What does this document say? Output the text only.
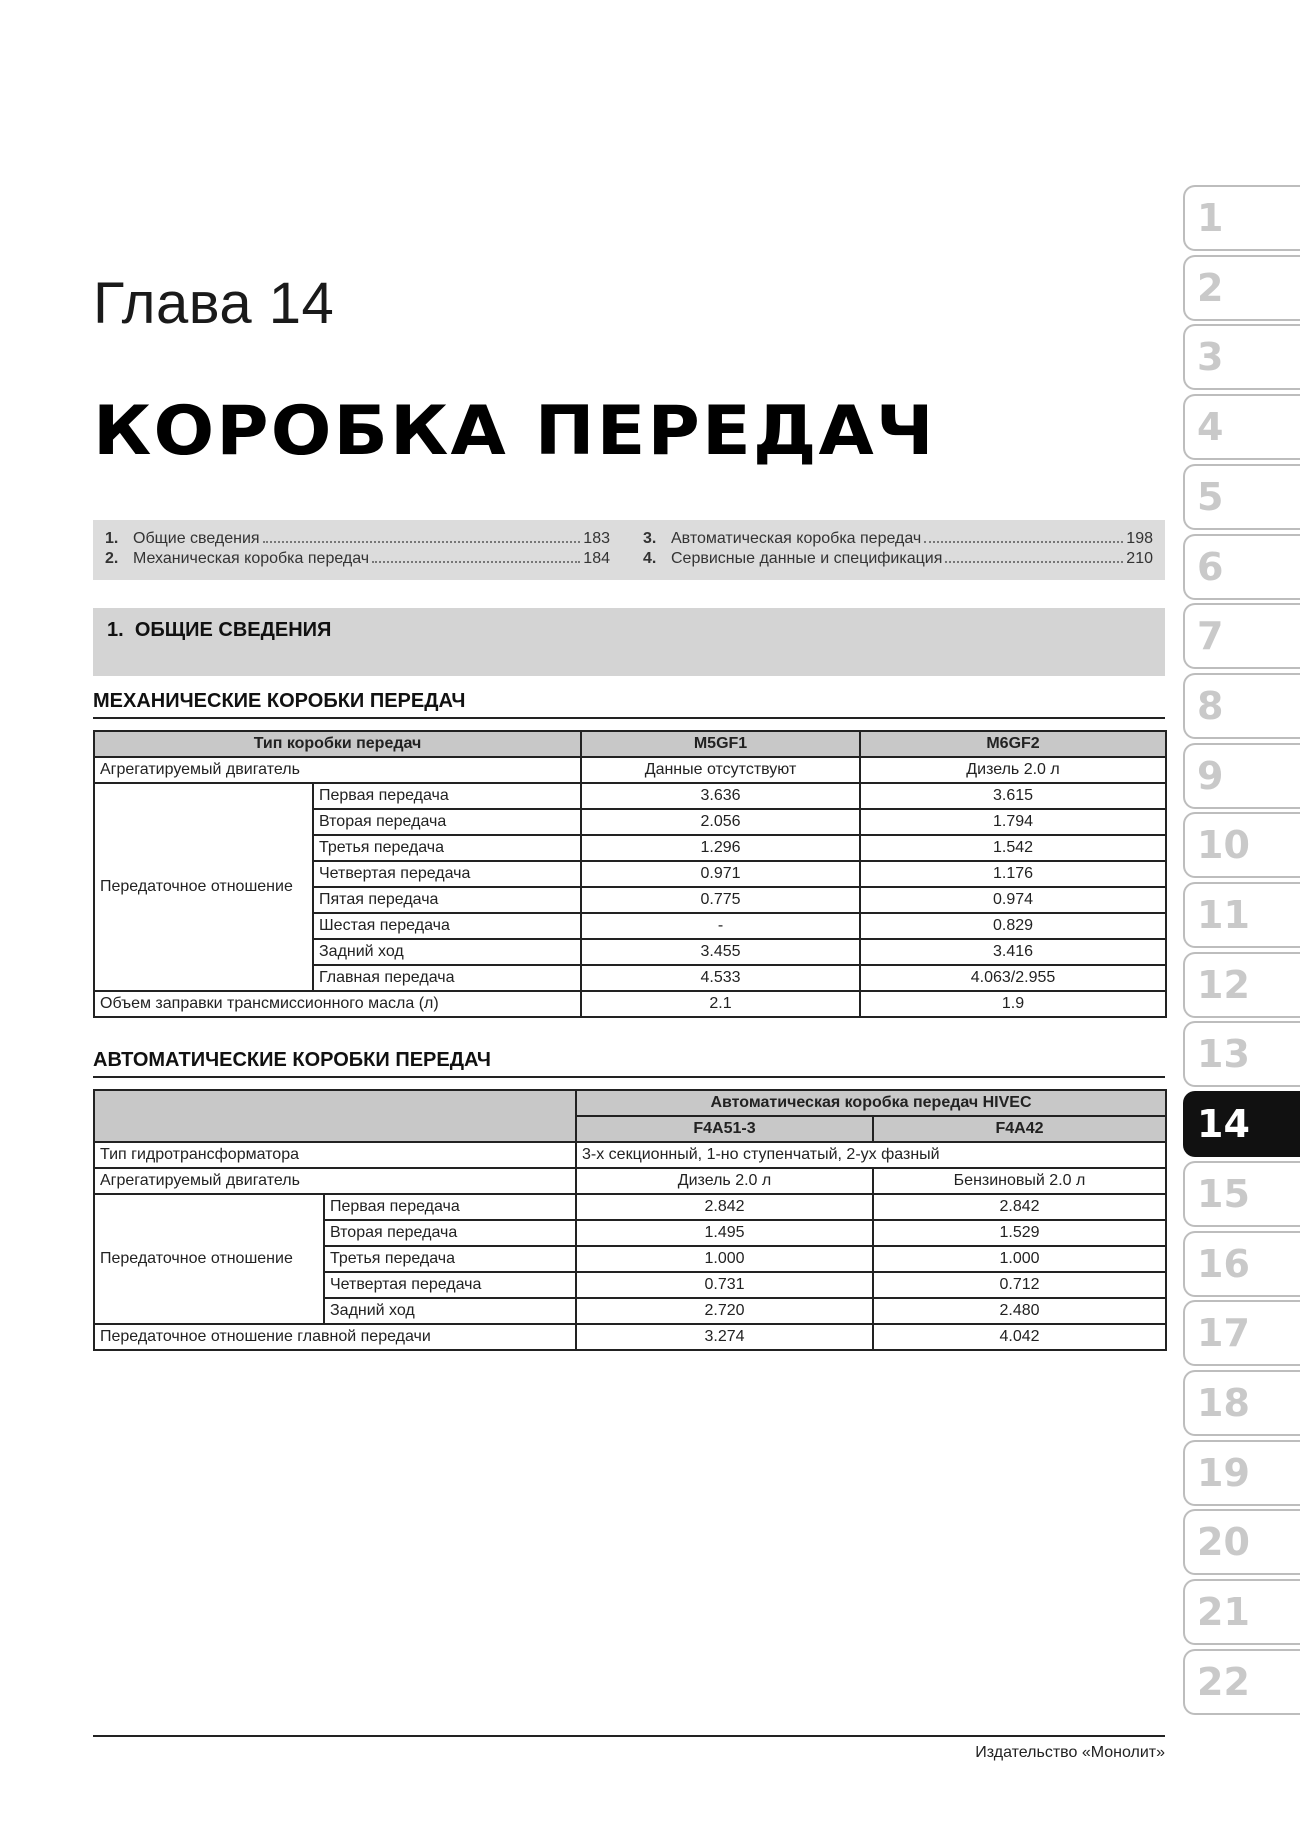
Глава 14
КОРОБКА ПЕРЕДАЧ
1. Общие сведения	183
2. Механическая коробка передач	184
3. Автоматическая коробка передач	198
4. Сервисные данные и спецификация	210
1. ОБЩИЕ СВЕДЕНИЯ
МЕХАНИЧЕСКИЕ КОРОБКИ ПЕРЕДАЧ
Тип коробки передач		M5GF1	M6GF2
Агрегатируемый двигатель		Данные отсутствуют	Дизель 2.0 л
Передаточное отношение	Первая передача	3.636	3.615
	Вторая передача	2.056	1.794
	Третья передача	1.296	1.542
	Четвертая передача	0.971	1.176
	Пятая передача	0.775	0.974
	Шестая передача	-	0.829
	Задний ход	3.455	3.416
	Главная передача	4.533	4.063/2.955
Объем заправки трансмиссионного масла (л)		2.1	1.9
АВТОМАТИЧЕСКИЕ КОРОБКИ ПЕРЕДАЧ
		Автоматическая коробка передач HIVEC	
		F4A51-3	F4A42
Тип гидротрансформатора		3-х секционный, 1-но ступенчатый, 2-ух фазный	
Агрегатируемый двигатель		Дизель 2.0 л	Бензиновый 2.0 л
Передаточное отношение	Первая передача	2.842	2.842
	Вторая передача	1.495	1.529
	Третья передача	1.000	1.000
	Четвертая передача	0.731	0.712
	Задний ход	2.720	2.480
Передаточное отношение главной передачи		3.274	4.042
1
2
3
4
5
6
7
8
9
10
11
12
13
14
15
16
17
18
19
20
21
22
Издательство «Монолит»
